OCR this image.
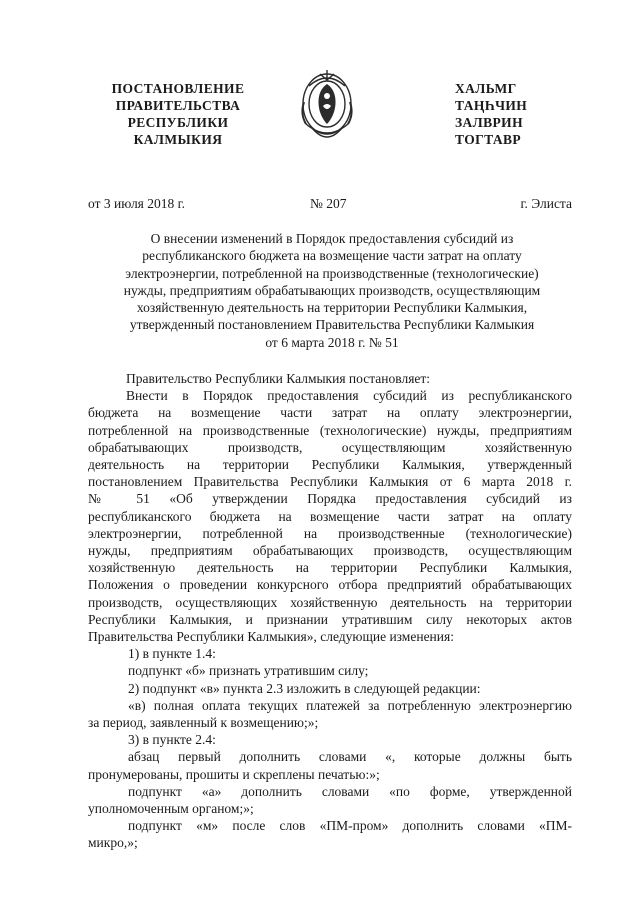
ПОСТАНОВЛЕНИЕ
ПРАВИТЕЛЬСТВА
РЕСПУБЛИКИ
КАЛМЫКИЯ
ХАЛЬМГ
ТАҢҺЧИН
ЗАЛВРИН
ТОГТАВР
от 3 июля 2018 г.	№ 207	г. Элиста
О внесении изменений в Порядок предоставления субсидий из
республиканского бюджета на возмещение части затрат на оплату
электроэнергии, потребленной на производственные (технологические)
нужды, предприятиям обрабатывающих производств, осуществляющим
хозяйственную деятельность на территории Республики Калмыкия,
утвержденный постановлением Правительства Республики Калмыкия
от 6 марта 2018 г. № 51
Правительство Республики Калмыкия постановляет:
Внести в Порядок предоставления субсидий из республиканского
бюджета на возмещение части затрат на оплату электроэнергии,
потребленной на производственные (технологические) нужды, предприятиям
обрабатывающих производств, осуществляющим хозяйственную
деятельность на территории Республики Калмыкия, утвержденный
постановлением Правительства Республики Калмыкия от 6 марта 2018 г.
№ 51 «Об утверждении Порядка предоставления субсидий из
республиканского бюджета на возмещение части затрат на оплату
электроэнергии, потребленной на производственные (технологические)
нужды, предприятиям обрабатывающих производств, осуществляющим
хозяйственную деятельность на территории Республики Калмыкия,
Положения о проведении конкурсного отбора предприятий обрабатывающих
производств, осуществляющих хозяйственную деятельность на территории
Республики Калмыкия, и признании утратившим силу некоторых актов
Правительства Республики Калмыкия», следующие изменения:
1) в пункте 1.4:
подпункт «б» признать утратившим силу;
2) подпункт «в» пункта 2.3 изложить в следующей редакции:
«в) полная оплата текущих платежей за потребленную электроэнергию
за период, заявленный к возмещению;»;
3) в пункте 2.4:
абзац первый дополнить словами «, которые должны быть
пронумерованы, прошиты и скреплены печатью:»;
подпункт «а» дополнить словами «по форме, утвержденной
уполномоченным органом;»;
подпункт «м» после слов «ПМ-пром» дополнить словами «ПМ-
микро,»;
